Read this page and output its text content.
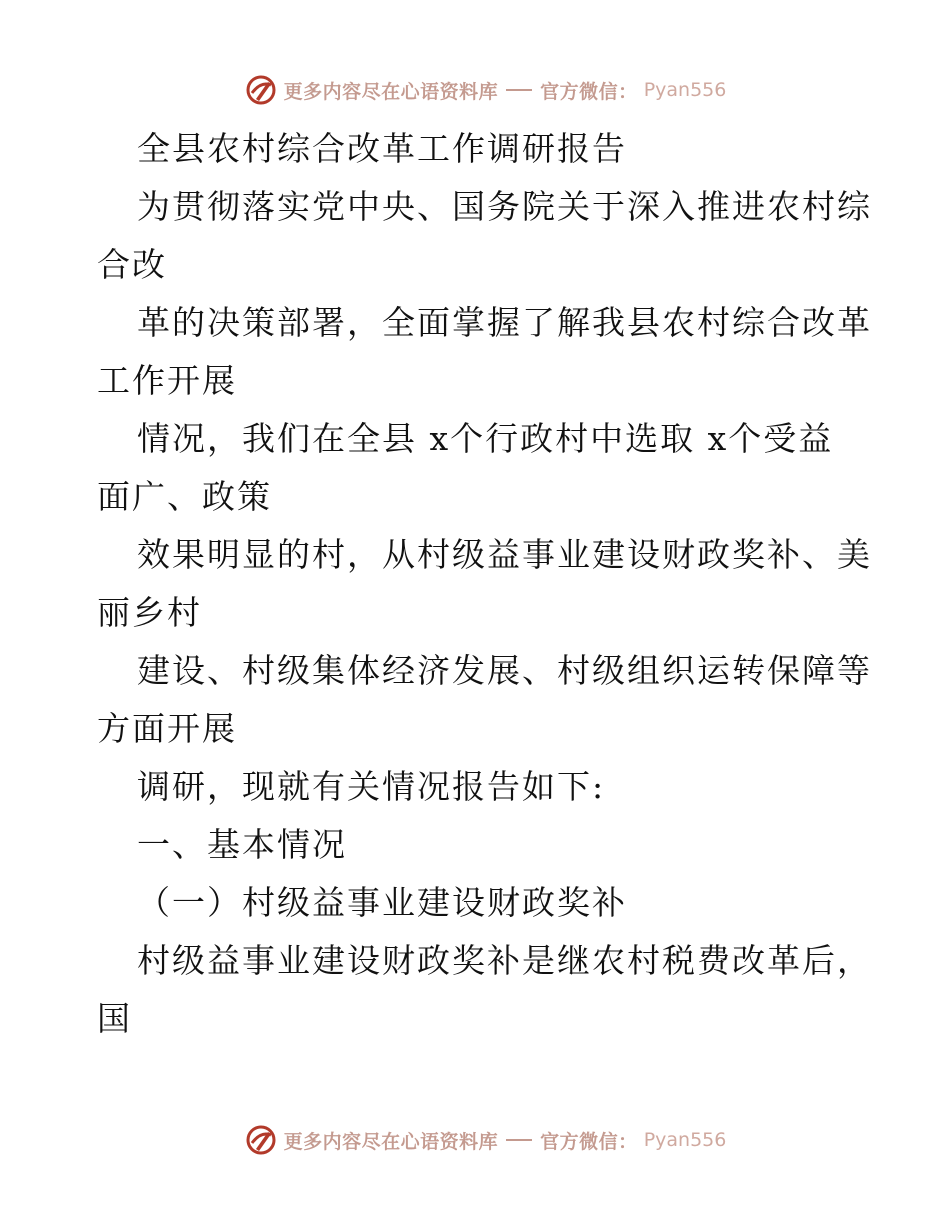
更多内容尽在心语资料库 官方微信： Pyan556
全县农村综合改革工作调研报告
为贯彻落实党中央、国务院关于深入推进农村综
合改
革的决策部署，全面掌握了解我县农村综合改革
工作开展
情况，我们在全县 x个行政村中选取 x个受益
面广、政策
效果明显的村，从村级益事业建设财政奖补、美
丽乡村
建设、村级集体经济发展、村级组织运转保障等
方面开展
调研，现就有关情况报告如下:
一、基本情况
（一）村级益事业建设财政奖补
村级益事业建设财政奖补是继农村税费改革后，
国
更多内容尽在心语资料库 官方微信： Pyan556
